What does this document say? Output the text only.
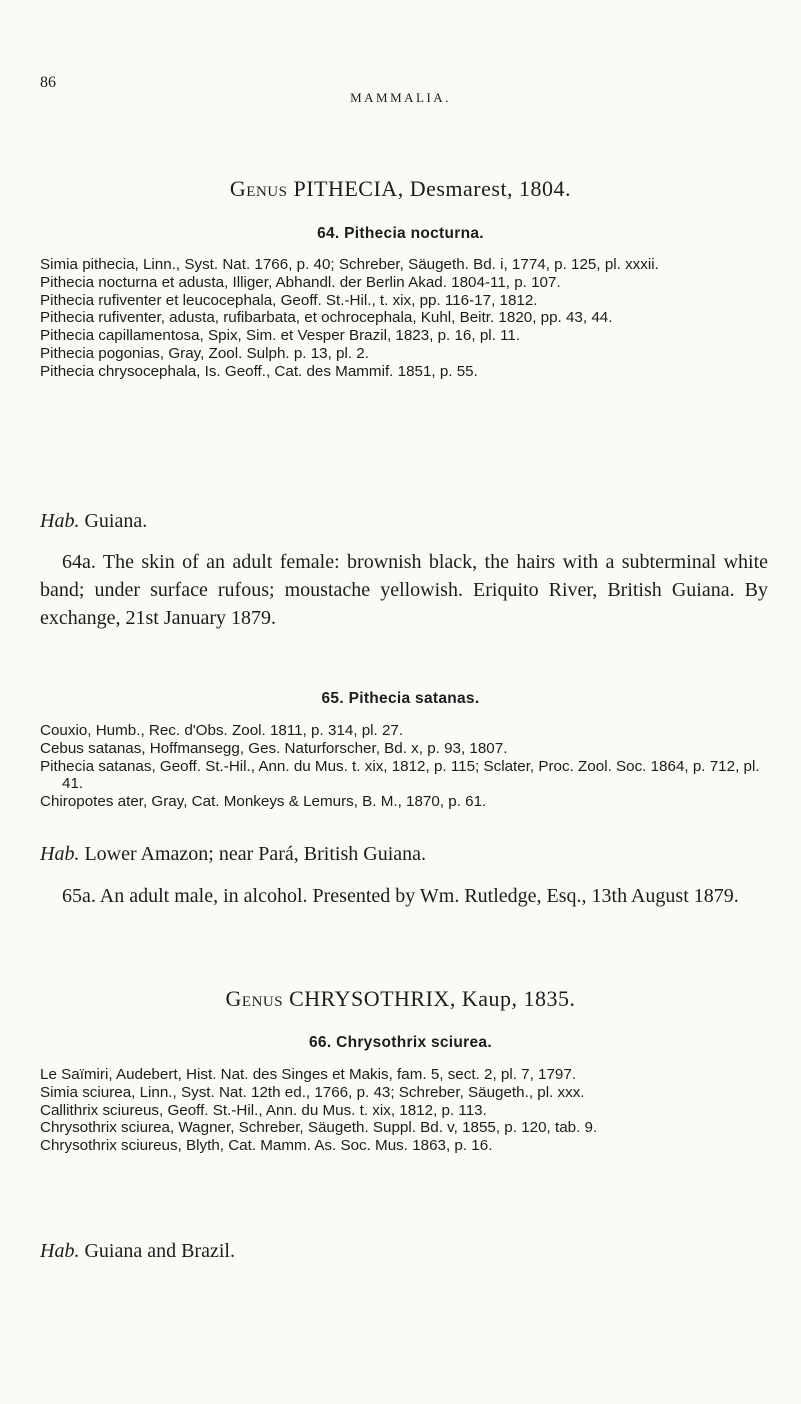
86
MAMMALIA.
Genus PITHECIA, Desmarest, 1804.
64. Pithecia nocturna.

Simia pithecia, Linn., Syst. Nat. 1766, p. 40; Schreber, Säugeth. Bd. i, 1774, p. 125, pl. xxxii.

Pithecia nocturna et adusta, Illiger, Abhandl. der Berlin Akad. 1804-11, p. 107.

Pithecia rufiventer et leucocephala, Geoff. St.-Hil., t. xix, pp. 116-17, 1812.

Pithecia rufiventer, adusta, rufibarbata, et ochrocephala, Kuhl, Beitr. 1820, pp. 43, 44.

Pithecia capillamentosa, Spix, Sim. et Vesper Brazil, 1823, p. 16, pl. 11.

Pithecia pogonias, Gray, Zool. Sulph. p. 13, pl. 2.

Pithecia chrysocephala, Is. Geoff., Cat. des Mammif. 1851, p. 55.

Hab. Guiana.
64a. The skin of an adult female: brownish black, the hairs with a subterminal white band; under surface rufous; moustache yellowish. Eriquito River, British Guiana. By exchange, 21st January 1879.
65. Pithecia satanas.

Couxio, Humb., Rec. d'Obs. Zool. 1811, p. 314, pl. 27.

Cebus satanas, Hoffmansegg, Ges. Naturforscher, Bd. x, p. 93, 1807.

Pithecia satanas, Geoff. St.-Hil., Ann. du Mus. t. xix, 1812, p. 115; Sclater, Proc. Zool. Soc. 1864, p. 712, pl. 41.

Chiropotes ater, Gray, Cat. Monkeys & Lemurs, B. M., 1870, p. 61.

Hab. Lower Amazon; near Pará, British Guiana.
65a. An adult male, in alcohol. Presented by Wm. Rutledge, Esq., 13th August 1879.
Genus CHRYSOTHRIX, Kaup, 1835.
66. Chrysothrix sciurea.

Le Saïmiri, Audebert, Hist. Nat. des Singes et Makis, fam. 5, sect. 2, pl. 7, 1797.

Simia sciurea, Linn., Syst. Nat. 12th ed., 1766, p. 43; Schreber, Säugeth., pl. xxx.

Callithrix sciureus, Geoff. St.-Hil., Ann. du Mus. t. xix, 1812, p. 113.

Chrysothrix sciurea, Wagner, Schreber, Säugeth. Suppl. Bd. v, 1855, p. 120, tab. 9.

Chrysothrix sciureus, Blyth, Cat. Mamm. As. Soc. Mus. 1863, p. 16.

Hab. Guiana and Brazil.
